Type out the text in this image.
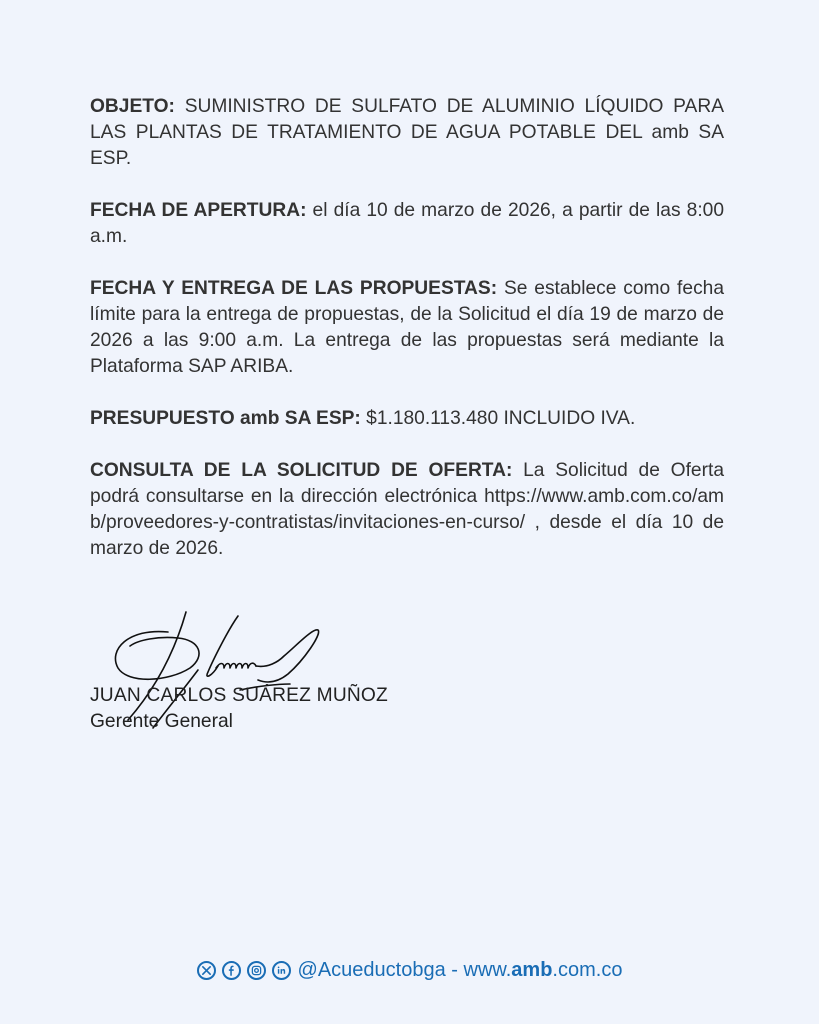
OBJETO: SUMINISTRO DE SULFATO DE ALUMINIO LÍQUIDO PARA LAS PLANTAS DE TRATAMIENTO DE AGUA POTABLE DEL amb SA ESP.

FECHA DE APERTURA: el día 10 de marzo de 2026, a partir de las 8:00 a.m.

FECHA Y ENTREGA DE LAS PROPUESTAS: Se establece como fecha límite para la entrega de propuestas, de la Solicitud el día 19 de marzo de 2026 a las 9:00 a.m. La entrega de las propuestas será mediante la Plataforma SAP ARIBA.

PRESUPUESTO amb SA ESP: $1.180.113.480 INCLUIDO IVA.

CONSULTA DE LA SOLICITUD DE OFERTA: La Solicitud de Oferta podrá consultarse en la dirección electrónica https://www.amb.com.co/amb/proveedores-y-contratistas/invitaciones-en-curso/ , desde el día 10 de marzo de 2026.

JUAN CARLOS SUÁREZ MUÑOZ
Gerente General
@Acueductobga - www.amb.com.co
